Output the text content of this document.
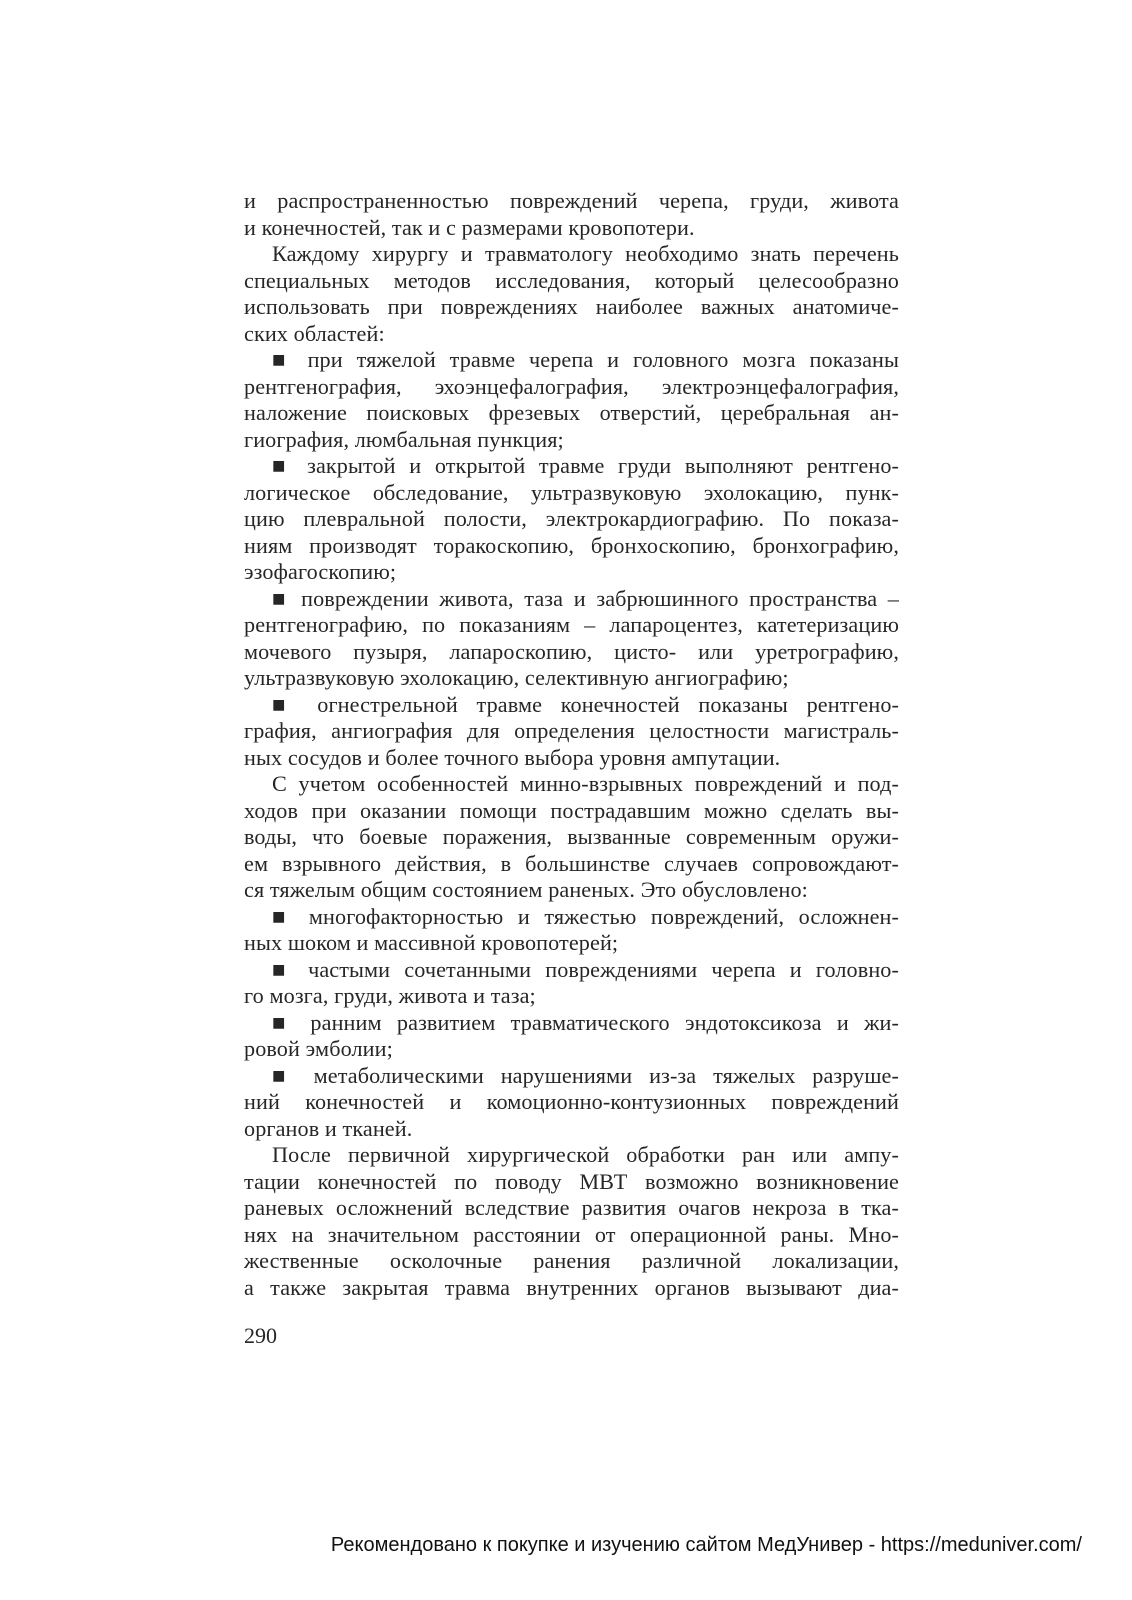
и распространенностью повреждений черепа, груди, живота
и конечностей, так и с размерами кровопотери.
Каждому хирургу и травматологу необходимо знать перечень
специальных методов исследования, который целесообразно
использовать при повреждениях наиболее важных анатомиче-
ских областей:
■ при тяжелой травме черепа и головного мозга показаны
рентгенография, эхоэнцефалография, электроэнцефалография,
наложение поисковых фрезевых отверстий, церебральная ан-
гиография, люмбальная пункция;
■ закрытой и открытой травме груди выполняют рентгено-
логическое обследование, ультразвуковую эхолокацию, пунк-
цию плевральной полости, электрокардиографию. По показа-
ниям производят торакоскопию, бронхоскопию, бронхографию,
эзофагоскопию;
■ повреждении живота, таза и забрюшинного пространства –
рентгенографию, по показаниям – лапароцентез, катетеризацию
мочевого пузыря, лапароскопию, цисто- или уретрографию,
ультразвуковую эхолокацию, селективную ангиографию;
■ огнестрельной травме конечностей показаны рентгено-
графия, ангиография для определения целостности магистраль-
ных сосудов и более точного выбора уровня ампутации.
С учетом особенностей минно-взрывных повреждений и под-
ходов при оказании помощи пострадавшим можно сделать вы-
воды, что боевые поражения, вызванные современным оружи-
ем взрывного действия, в большинстве случаев сопровождают-
ся тяжелым общим состоянием раненых. Это обусловлено:
■ многофакторностью и тяжестью повреждений, осложнен-
ных шоком и массивной кровопотерей;
■ частыми сочетанными повреждениями черепа и головно-
го мозга, груди, живота и таза;
■ ранним развитием травматического эндотоксикоза и жи-
ровой эмболии;
■ метаболическими нарушениями из-за тяжелых разруше-
ний конечностей и комоционно-контузионных повреждений
органов и тканей.
После первичной хирургической обработки ран или ампу-
тации конечностей по поводу МВТ возможно возникновение
раневых осложнений вследствие развития очагов некроза в тка-
нях на значительном расстоянии от операционной раны. Мно-
жественные осколочные ранения различной локализации,
а также закрытая травма внутренних органов вызывают диа-
290
Рекомендовано к покупке и изучению сайтом МедУнивер - https://meduniver.com/
